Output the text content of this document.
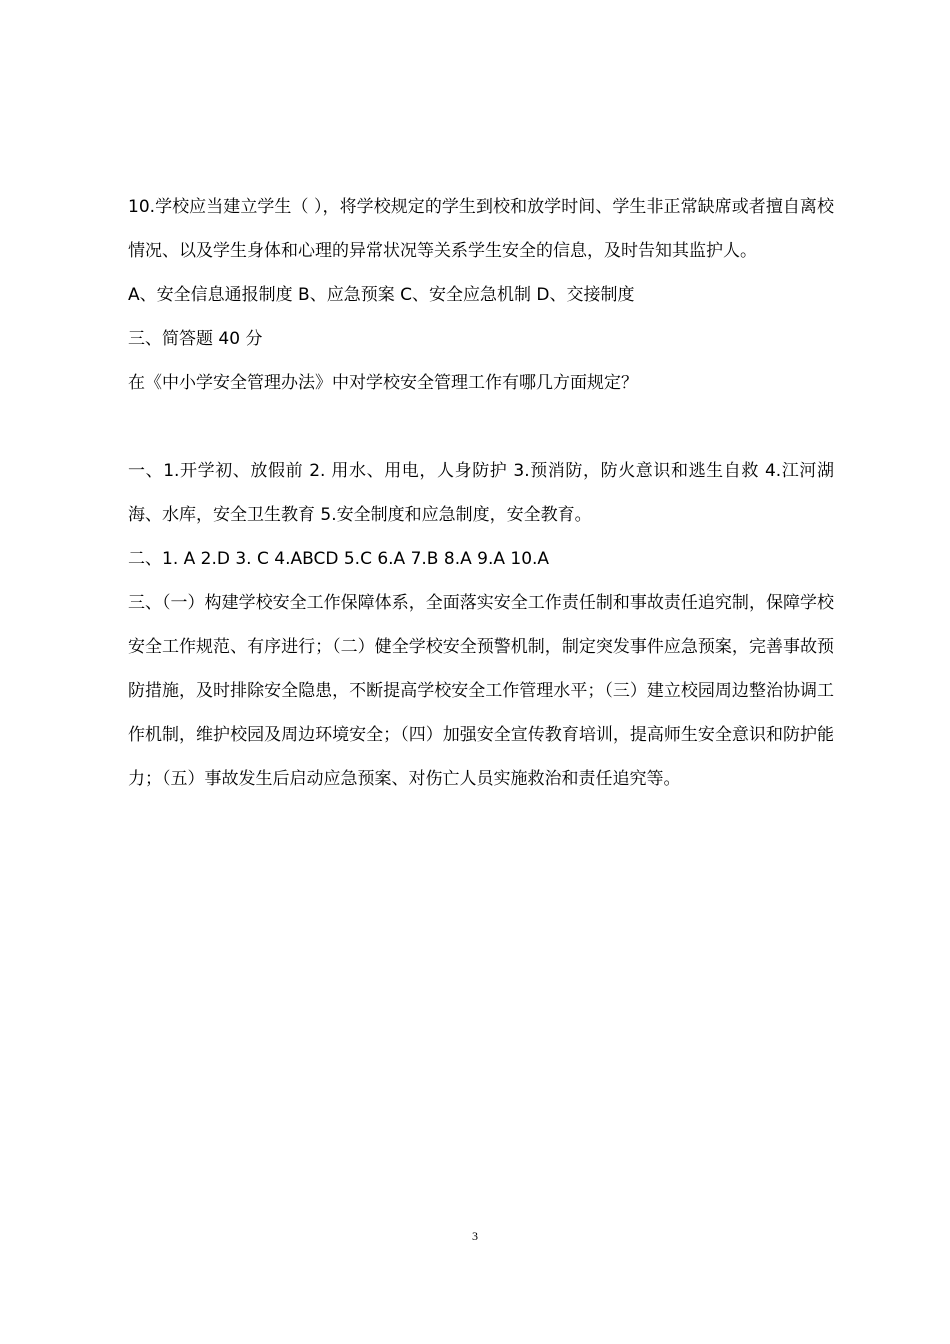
10.学校应当建立学生（ ），将学校规定的学生到校和放学时间、学生非正常缺席或者擅自离校情况、以及学生身体和心理的异常状况等关系学生安全的信息，及时告知其监护人。

A、安全信息通报制度 B、应急预案 C、安全应急机制 D、交接制度

三、简答题 40 分

在《中小学安全管理办法》中对学校安全管理工作有哪几方面规定？

一、1.开学初、放假前 2. 用水、用电，人身防护 3.预消防，防火意识和逃生自救 4.江河湖海、水库，安全卫生教育 5.安全制度和应急制度，安全教育。

二、1. A 2.D 3. C 4.ABCD 5.C 6.A 7.B 8.A 9.A 10.A

三、（一）构建学校安全工作保障体系，全面落实安全工作责任制和事故责任追究制，保障学校安全工作规范、有序进行；（二）健全学校安全预警机制，制定突发事件应急预案，完善事故预防措施，及时排除安全隐患，不断提高学校安全工作管理水平；（三）建立校园周边整治协调工作机制，维护校园及周边环境安全；（四）加强安全宣传教育培训，提高师生安全意识和防护能力；（五）事故发生后启动应急预案、对伤亡人员实施救治和责任追究等。

3
